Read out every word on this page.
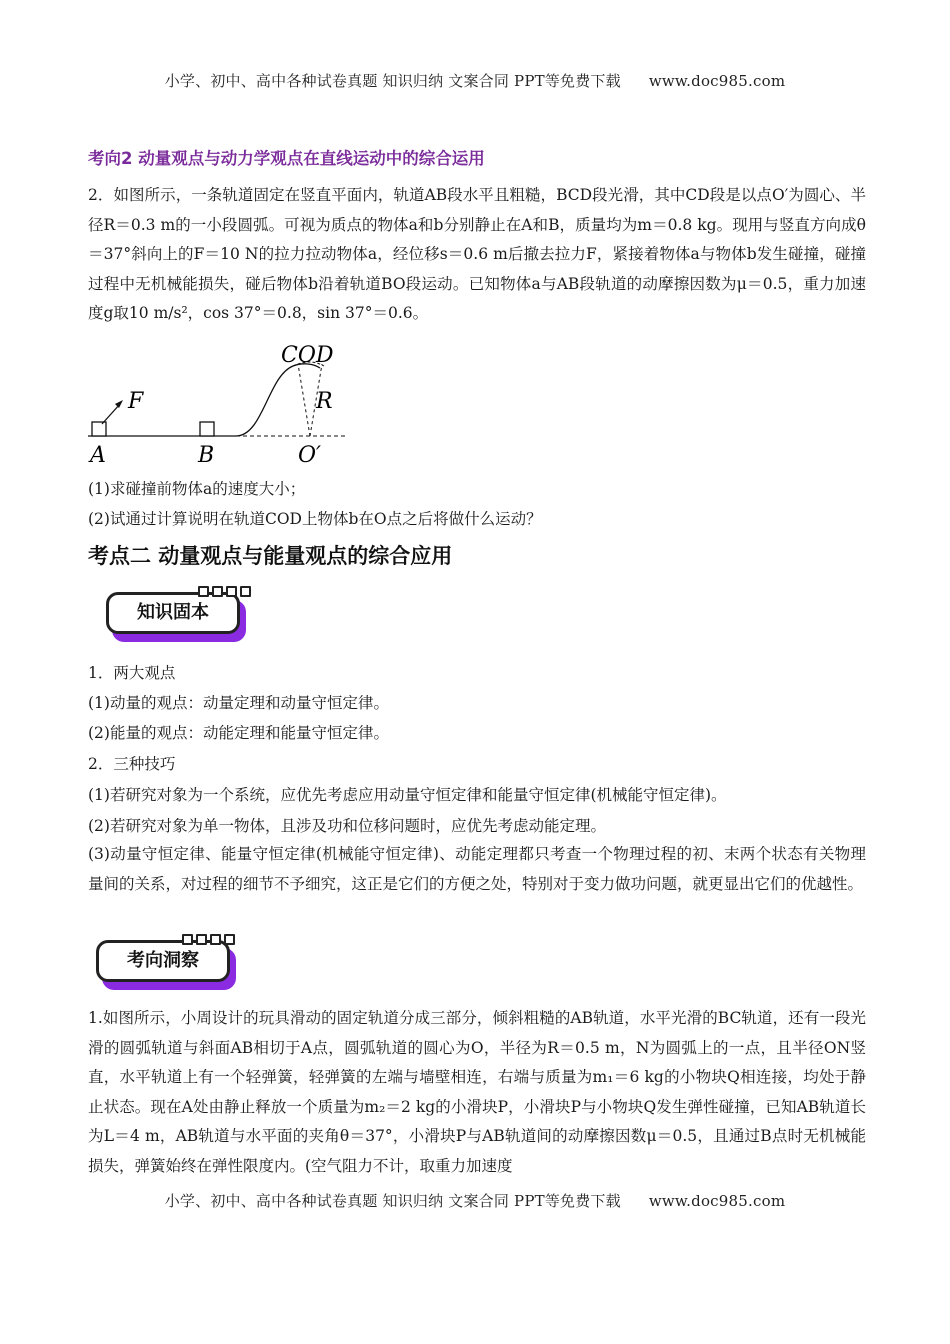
小学、初中、高中各种试卷真题 知识归纳 文案合同 PPT等免费下载 www.doc985.com
考向2 动量观点与动力学观点在直线运动中的综合运用
2．如图所示，一条轨道固定在竖直平面内，轨道AB段水平且粗糙，BCD段光滑，其中CD段是以点O′为圆心、半径R＝0.3 m的一小段圆弧。可视为质点的物体a和b分别静止在A和B，质量均为m＝0.8 kg。现用与竖直方向成θ＝37°斜向上的F＝10 N的拉力拉动物体a，经位移s＝0.6 m后撤去拉力F，紧接着物体a与物体b发生碰撞，碰撞过程中无机械能损失，碰后物体b沿着轨道BO段运动。已知物体a与AB段轨道的动摩擦因数为μ＝0.5，重力加速度g取10 m/s²，cos 37°＝0.8，sin 37°＝0.6。
F
A	B
COD
R
O′
(1)求碰撞前物体a的速度大小；
(2)试通过计算说明在轨道COD上物体b在O点之后将做什么运动？
考点二 动量观点与能量观点的综合应用
知识固本
1．两大观点
(1)动量的观点：动量定理和动量守恒定律。
(2)能量的观点：动能定理和能量守恒定律。
2．三种技巧
(1)若研究对象为一个系统，应优先考虑应用动量守恒定律和能量守恒定律(机械能守恒定律)。
(2)若研究对象为单一物体，且涉及功和位移问题时，应优先考虑动能定理。
(3)动量守恒定律、能量守恒定律(机械能守恒定律)、动能定理都只考查一个物理过程的初、末两个状态有关物理量间的关系，对过程的细节不予细究，这正是它们的方便之处，特别对于变力做功问题，就更显出它们的优越性。
考向洞察
1.如图所示，小周设计的玩具滑动的固定轨道分成三部分，倾斜粗糙的AB轨道，水平光滑的BC轨道，还有一段光滑的圆弧轨道与斜面AB相切于A点，圆弧轨道的圆心为O，半径为R＝0.5 m，N为圆弧上的一点，且半径ON竖直，水平轨道上有一个轻弹簧，轻弹簧的左端与墙壁相连，右端与质量为m₁＝6 kg的小物块Q相连接，均处于静止状态。现在A处由静止释放一个质量为m₂＝2 kg的小滑块P，小滑块P与小物块Q发生弹性碰撞，已知AB轨道长为L＝4 m，AB轨道与水平面的夹角θ＝37°，小滑块P与AB轨道间的动摩擦因数μ＝0.5，且通过B点时无机械能损失，弹簧始终在弹性限度内。(空气阻力不计，取重力加速度
小学、初中、高中各种试卷真题 知识归纳 文案合同 PPT等免费下载 www.doc985.com
